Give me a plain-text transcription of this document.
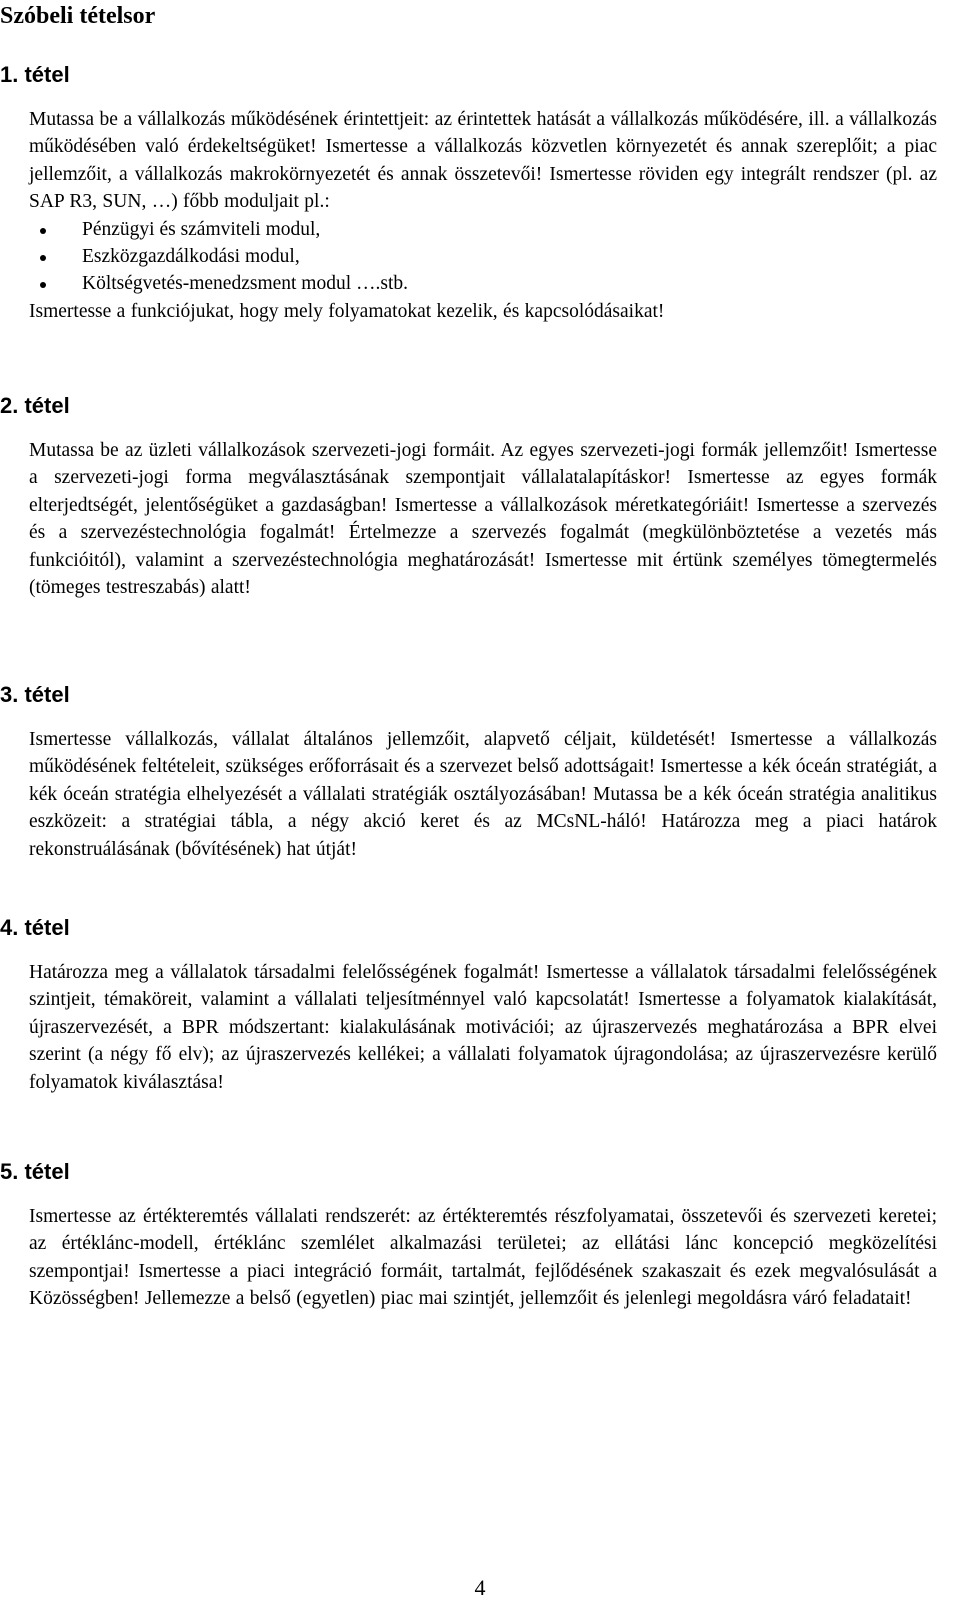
Szóbeli tételsor
1. tétel

Mutassa be a vállalkozás működésének érintettjeit: az érintettek hatását a vállalkozás működésére, ill. a vállalkozás működésében való érdekeltségüket! Ismertesse a vállalkozás közvetlen környezetét és annak szereplőit; a piac jellemzőit, a vállalkozás makrokörnyezetét és annak összetevői! Ismertesse röviden egy integrált rendszer (pl. az SAP R3, SUN, …) főbb moduljait pl.:

Pénzügyi és számviteli modul,
Eszközgazdálkodási modul,
Költségvetés-menedzsment modul ….stb.

Ismertesse a funkciójukat, hogy mely folyamatokat kezelik, és kapcsolódásaikat!

2. tétel

Mutassa be az üzleti vállalkozások szervezeti-jogi formáit. Az egyes szervezeti-jogi formák jellemzőit! Ismertesse a szervezeti-jogi forma megválasztásának szempontjait vállalatalapításkor! Ismertesse az egyes formák elterjedtségét, jelentőségüket a gazdaságban! Ismertesse a vállalkozások méretkategóriáit! Ismertesse a szervezés és a szervezéstechnológia fogalmát! Értelmezze a szervezés fogalmát (megkülönböztetése a vezetés más funkcióitól), valamint a szervezéstechnológia meghatározását! Ismertesse mit értünk személyes tömegtermelés (tömeges testreszabás) alatt!

3. tétel

Ismertesse vállalkozás, vállalat általános jellemzőit, alapvető céljait, küldetését! Ismertesse a vállalkozás működésének feltételeit, szükséges erőforrásait és a szervezet belső adottságait! Ismertesse a kék óceán stratégiát, a kék óceán stratégia elhelyezését a vállalati stratégiák osztályozásában! Mutassa be a kék óceán stratégia analitikus eszközeit: a stratégiai tábla, a négy akció keret és az MCsNL-háló! Határozza meg a piaci határok rekonstruálásának (bővítésének) hat útját!

4. tétel

Határozza meg a vállalatok társadalmi felelősségének fogalmát! Ismertesse a vállalatok társadalmi felelősségének szintjeit, témaköreit, valamint a vállalati teljesítménnyel való kapcsolatát! Ismertesse a folyamatok kialakítását, újraszervezését, a BPR módszertant: kialakulásának motivációi; az újraszervezés meghatározása a BPR elvei szerint (a négy fő elv); az újraszervezés kellékei; a vállalati folyamatok újragondolása; az újraszervezésre kerülő folyamatok kiválasztása!

5. tétel

Ismertesse az értékteremtés vállalati rendszerét: az értékteremtés részfolyamatai, összetevői és szervezeti keretei; az értéklánc-modell, értéklánc szemlélet alkalmazási területei; az ellátási lánc koncepció megközelítési szempontjai! Ismertesse a piaci integráció formáit, tartalmát, fejlődésének szakaszait és ezek megvalósulását a Közösségben! Jellemezze a belső (egyetlen) piac mai szintjét, jellemzőit és jelenlegi megoldásra váró feladatait!

4
